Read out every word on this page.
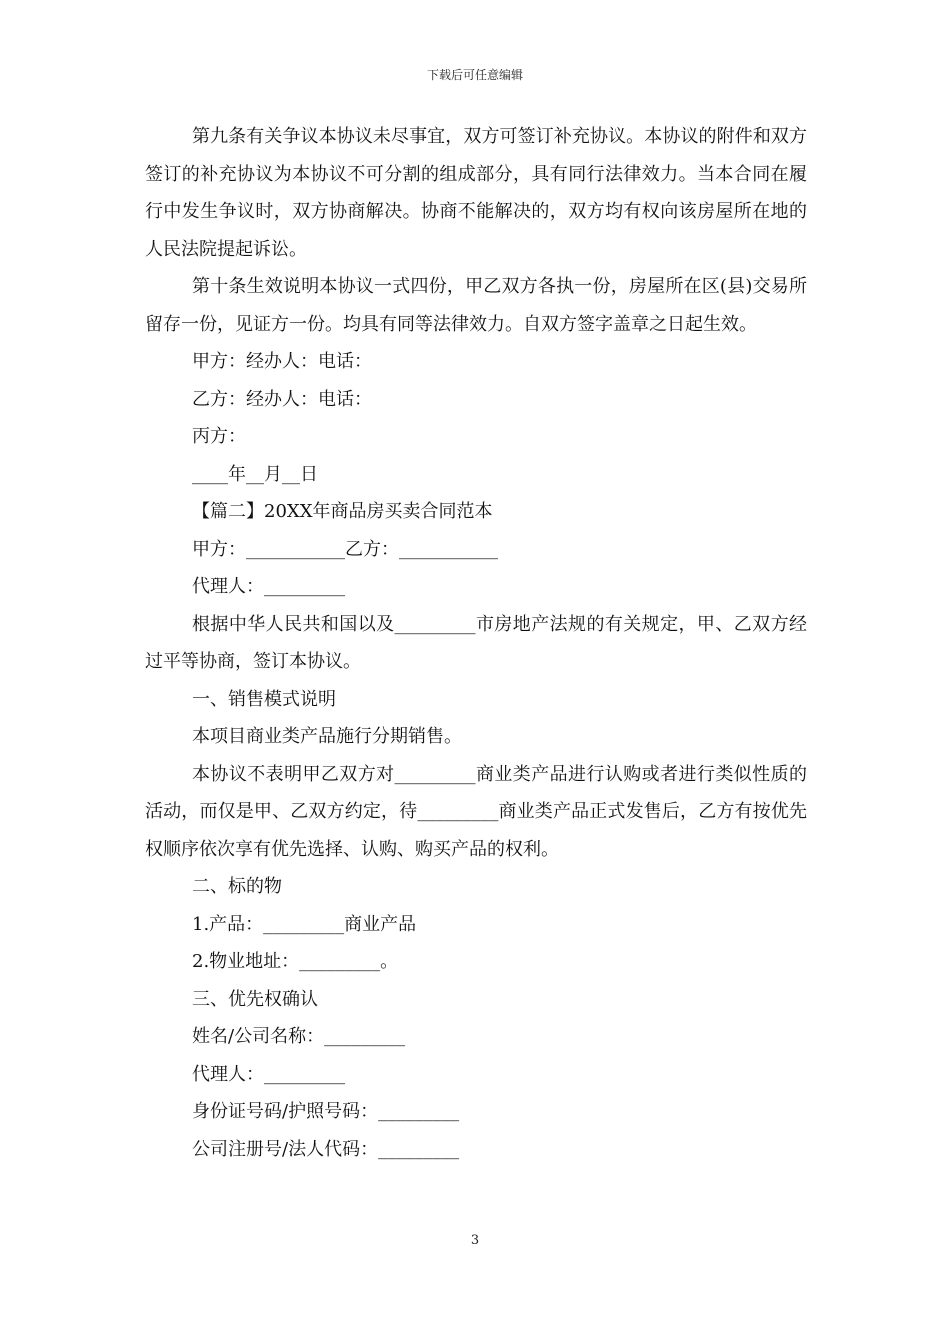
下载后可任意编辑

第九条有关争议本协议未尽事宜，双方可签订补充协议。本协议的附件和双方签订的补充协议为本协议不可分割的组成部分，具有同行法律效力。当本合同在履行中发生争议时，双方协商解决。协商不能解决的，双方均有权向该房屋所在地的人民法院提起诉讼。

第十条生效说明本协议一式四份，甲乙双方各执一份，房屋所在区(县)交易所留存一份，见证方一份。均具有同等法律效力。自双方签字盖章之日起生效。

甲方：经办人：电话：

乙方：经办人：电话：

丙方：

____年__月__日

【篇二】20XX年商品房买卖合同范本

甲方：___________乙方：___________

代理人：_________

根据中华人民共和国以及_________市房地产法规的有关规定，甲、乙双方经过平等协商，签订本协议。

一、销售模式说明

本项目商业类产品施行分期销售。

本协议不表明甲乙双方对_________商业类产品进行认购或者进行类似性质的活动，而仅是甲、乙双方约定，待_________商业类产品正式发售后，乙方有按优先权顺序依次享有优先选择、认购、购买产品的权利。

二、标的物

1.产品：_________商业产品

2.物业地址：_________。

三、优先权确认

姓名/公司名称：_________

代理人：_________

身份证号码/护照号码：_________

公司注册号/法人代码：_________

3
